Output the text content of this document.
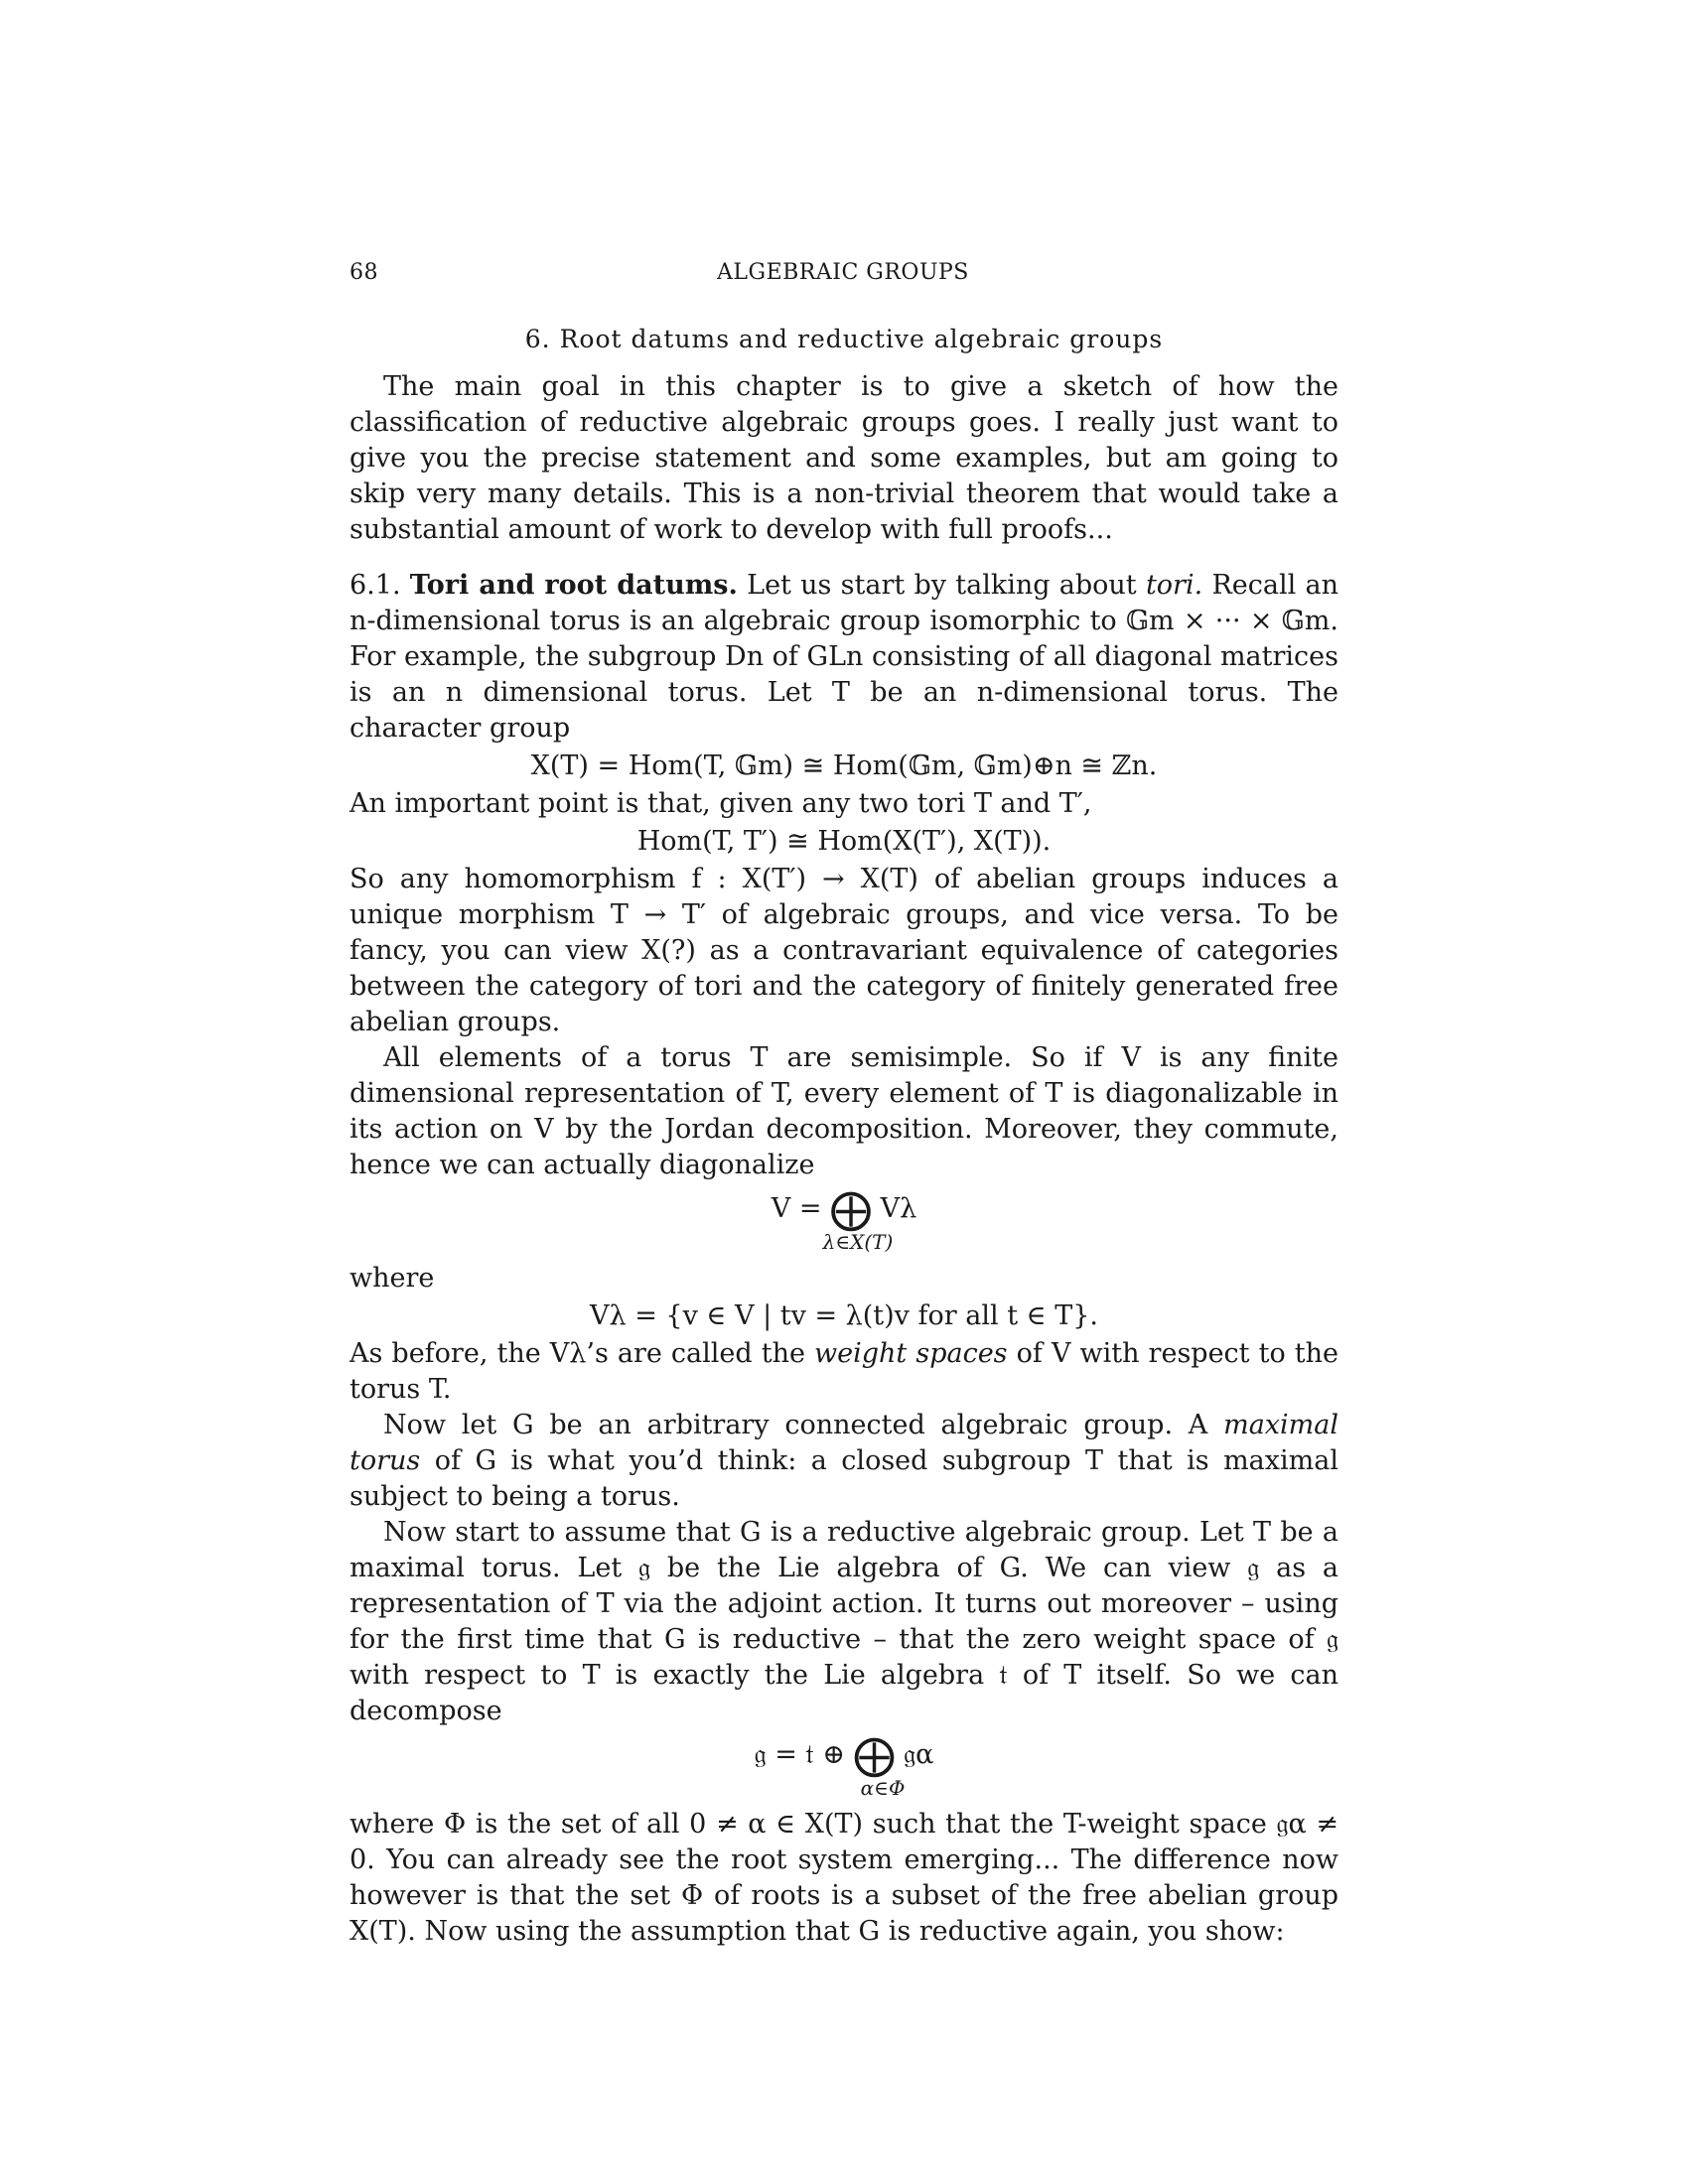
68	ALGEBRAIC GROUPS
6. Root datums and reductive algebraic groups

The main goal in this chapter is to give a sketch of how the classification of reductive algebraic groups goes. I really just want to give you the precise statement and some examples, but am going to skip very many details. This is a non-trivial theorem that would take a substantial amount of work to develop with full proofs...

6.1. Tori and root datums. Let us start by talking about tori. Recall an n-dimensional torus is an algebraic group isomorphic to 𝔾m × ··· × 𝔾m. For example, the subgroup Dn of GLn consisting of all diagonal matrices is an n dimensional torus. Let T be an n-dimensional torus. The character group

X(T) = Hom(T, 𝔾m) ≅ Hom(𝔾m, 𝔾m)⊕n ≅ ℤn.

An important point is that, given any two tori T and T′,

Hom(T, T′) ≅ Hom(X(T′), X(T)).

So any homomorphism f : X(T′) → X(T) of abelian groups induces a unique morphism T → T′ of algebraic groups, and vice versa. To be fancy, you can view X(?) as a contravariant equivalence of categories between the category of tori and the category of finitely generated free abelian groups.

All elements of a torus T are semisimple. So if V is any finite dimensional representation of T, every element of T is diagonalizable in its action on V by the Jordan decomposition. Moreover, they commute, hence we can actually diagonalize

V = ⨁ Vλ
λ∈X(T)

where

Vλ = {v ∈ V | tv = λ(t)v for all t ∈ T}.

As before, the Vλ’s are called the weight spaces of V with respect to the torus T.

Now let G be an arbitrary connected algebraic group. A maximal torus of G is what you’d think: a closed subgroup T that is maximal subject to being a torus.

Now start to assume that G is a reductive algebraic group. Let T be a maximal torus. Let 𝔤 be the Lie algebra of G. We can view 𝔤 as a representation of T via the adjoint action. It turns out moreover – using for the first time that G is reductive – that the zero weight space of 𝔤 with respect to T is exactly the Lie algebra 𝔱 of T itself. So we can decompose

𝔤 = 𝔱 ⊕ ⨁ 𝔤α
α∈Φ

where Φ is the set of all 0 ≠ α ∈ X(T) such that the T-weight space 𝔤α ≠ 0. You can already see the root system emerging... The difference now however is that the set Φ of roots is a subset of the free abelian group X(T). Now using the assumption that G is reductive again, you show:
